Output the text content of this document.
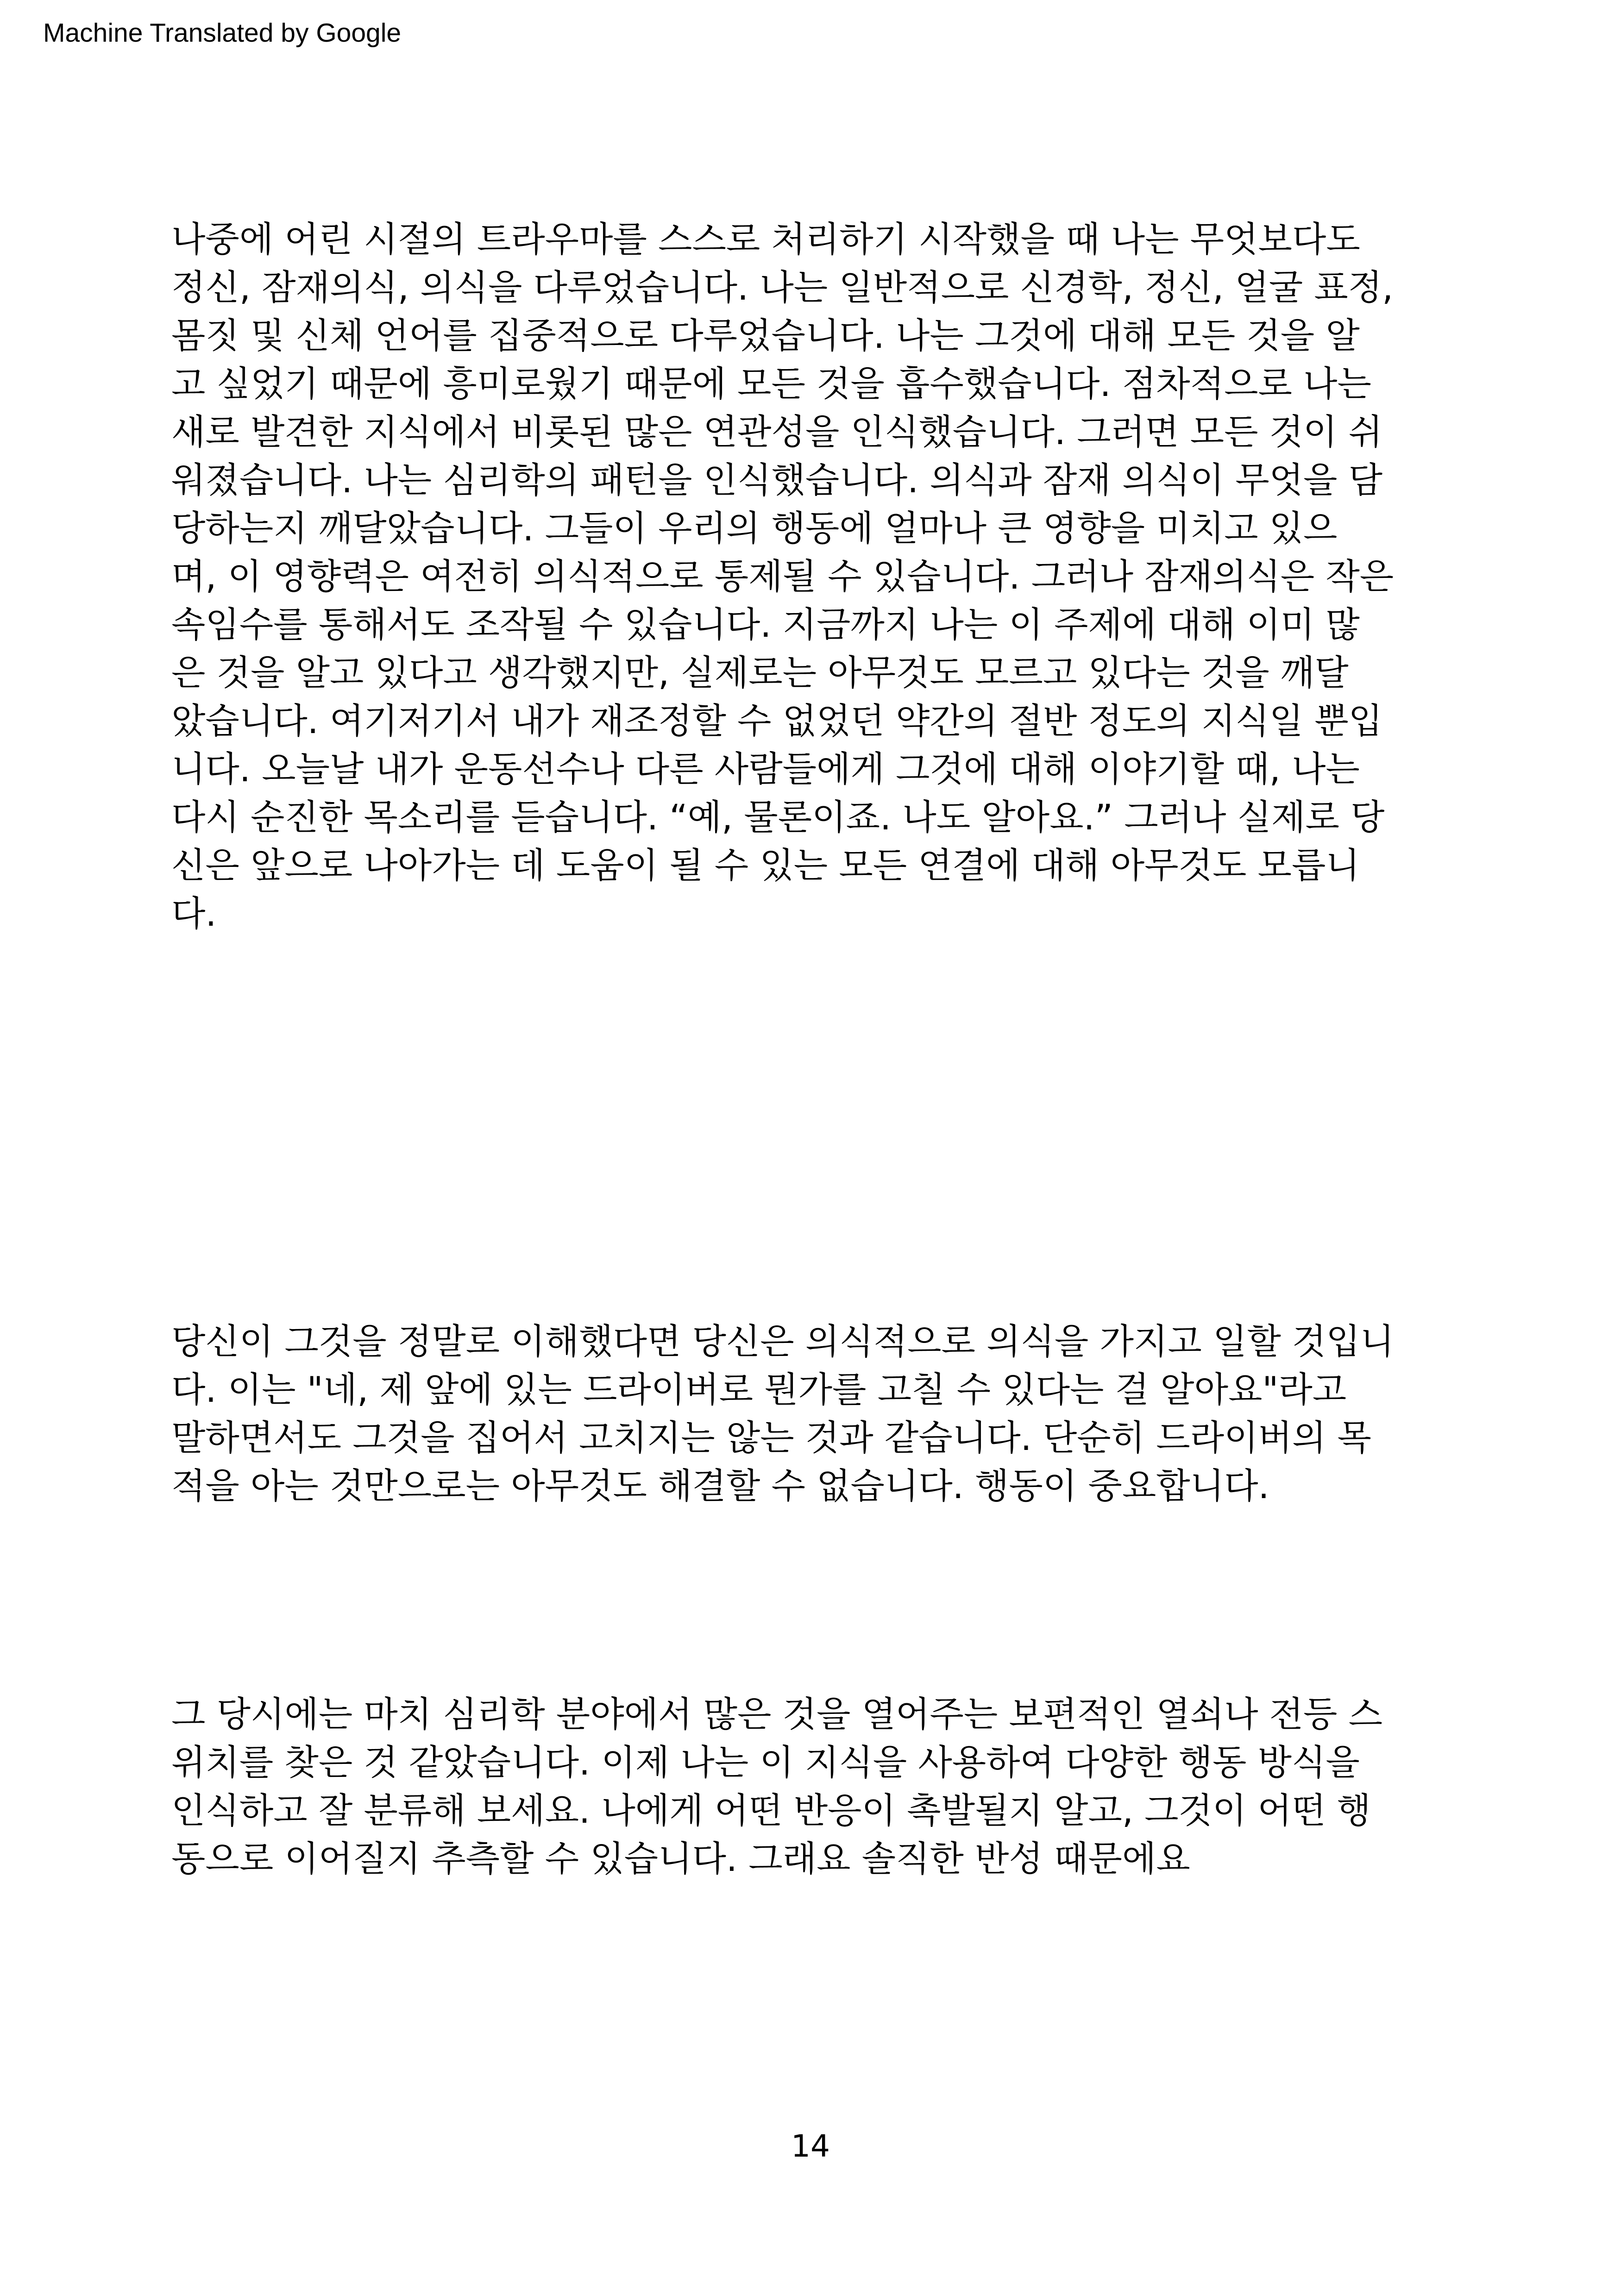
Machine Translated by Google
나중에 어린 시절의 트라우마를 스스로 처리하기 시작했을 때 나는 무엇보다도
정신, 잠재의식, 의식을 다루었습니다. 나는 일반적으로 신경학, 정신, 얼굴 표정,
몸짓 및 신체 언어를 집중적으로 다루었습니다. 나는 그것에 대해 모든 것을 알
고 싶었기 때문에 흥미로웠기 때문에 모든 것을 흡수했습니다. 점차적으로 나는
새로 발견한 지식에서 비롯된 많은 연관성을 인식했습니다. 그러면 모든 것이 쉬
워졌습니다. 나는 심리학의 패턴을 인식했습니다. 의식과 잠재 의식이 무엇을 담
당하는지 깨달았습니다. 그들이 우리의 행동에 얼마나 큰 영향을 미치고 있으
며, 이 영향력은 여전히 의식적으로 통제될 수 있습니다. 그러나 잠재의식은 작은
속임수를 통해서도 조작될 수 있습니다. 지금까지 나는 이 주제에 대해 이미 많
은 것을 알고 있다고 생각했지만, 실제로는 아무것도 모르고 있다는 것을 깨달
았습니다. 여기저기서 내가 재조정할 수 없었던 약간의 절반 정도의 지식일 뿐입
니다. 오늘날 내가 운동선수나 다른 사람들에게 그것에 대해 이야기할 때, 나는
다시 순진한 목소리를 듣습니다. “예, 물론이죠. 나도 알아요.” 그러나 실제로 당
신은 앞으로 나아가는 데 도움이 될 수 있는 모든 연결에 대해 아무것도 모릅니
다.
당신이 그것을 정말로 이해했다면 당신은 의식적으로 의식을 가지고 일할 것입니
다. 이는 "네, 제 앞에 있는 드라이버로 뭔가를 고칠 수 있다는 걸 알아요"라고
말하면서도 그것을 집어서 고치지는 않는 것과 같습니다. 단순히 드라이버의 목
적을 아는 것만으로는 아무것도 해결할 수 없습니다. 행동이 중요합니다.
그 당시에는 마치 심리학 분야에서 많은 것을 열어주는 보편적인 열쇠나 전등 스
위치를 찾은 것 같았습니다. 이제 나는 이 지식을 사용하여 다양한 행동 방식을
인식하고 잘 분류해 보세요. 나에게 어떤 반응이 촉발될지 알고, 그것이 어떤 행
동으로 이어질지 추측할 수 있습니다. 그래요 솔직한 반성 때문에요
14
